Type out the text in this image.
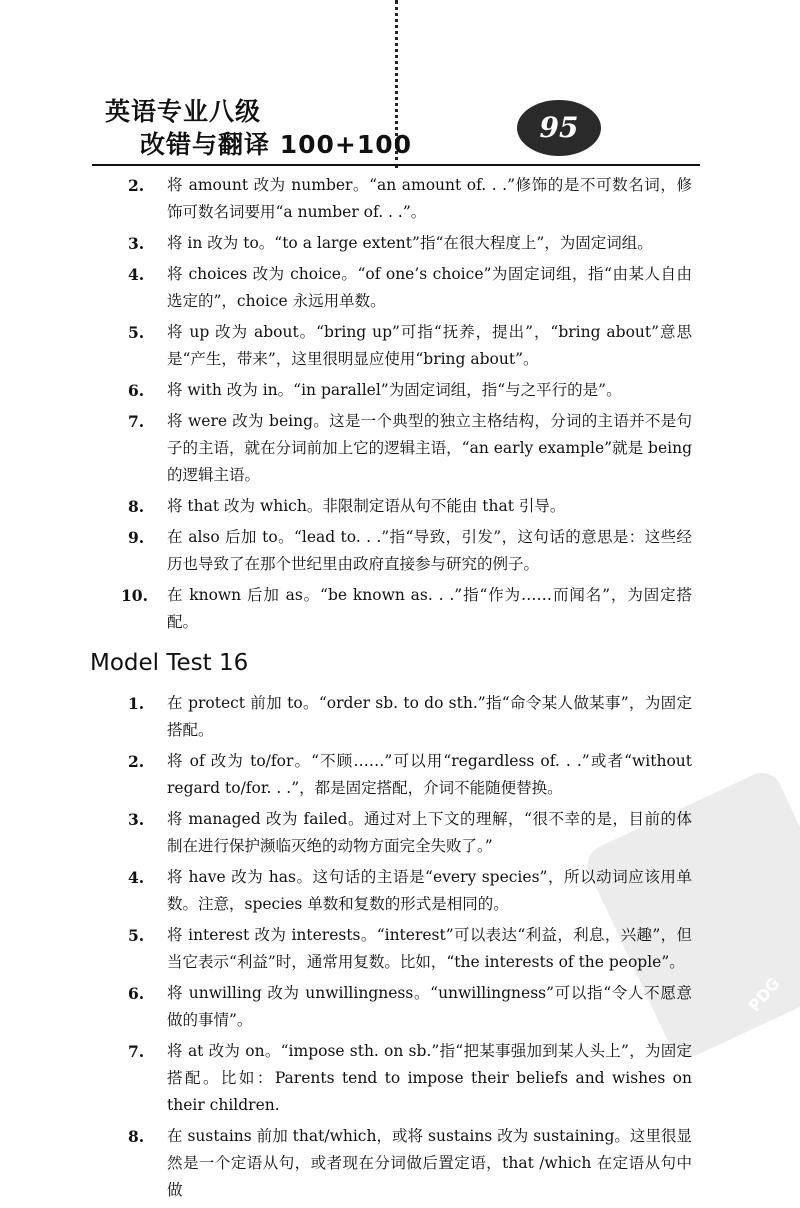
英语专业八级
改错与翻译 100+100
95
PDG
2. 将 amount 改为 number。“an amount of. . .”修饰的是不可数名词，修饰可数名词要用“a number of. . .”。
3. 将 in 改为 to。“to a large extent”指“在很大程度上”，为固定词组。
4. 将 choices 改为 choice。“of one’s choice”为固定词组，指“由某人自由选定的”，choice 永远用单数。
5. 将 up 改为 about。“bring up”可指“抚养，提出”，“bring about”意思是“产生，带来”，这里很明显应使用“bring about”。
6. 将 with 改为 in。“in parallel”为固定词组，指“与之平行的是”。
7. 将 were 改为 being。这是一个典型的独立主格结构，分词的主语并不是句子的主语，就在分词前加上它的逻辑主语，“an early example”就是 being 的逻辑主语。
8. 将 that 改为 which。非限制定语从句不能由 that 引导。
9. 在 also 后加 to。“lead to. . .”指“导致，引发”，这句话的意思是：这些经历也导致了在那个世纪里由政府直接参与研究的例子。
10. 在 known 后加 as。“be known as. . .”指“作为……而闻名”，为固定搭配。
Model Test 16
1. 在 protect 前加 to。“order sb. to do sth.”指“命令某人做某事”，为固定搭配。
2. 将 of 改为 to/for。“不顾……”可以用“regardless of. . .”或者“without regard to/for. . .”，都是固定搭配，介词不能随便替换。
3. 将 managed 改为 failed。通过对上下文的理解，“很不幸的是，目前的体制在进行保护濒临灭绝的动物方面完全失败了。”
4. 将 have 改为 has。这句话的主语是“every species”，所以动词应该用单数。注意，species 单数和复数的形式是相同的。
5. 将 interest 改为 interests。“interest”可以表达“利益，利息，兴趣”，但当它表示“利益”时，通常用复数。比如，“the interests of the people”。
6. 将 unwilling 改为 unwillingness。“unwillingness”可以指“令人不愿意做的事情”。
7. 将 at 改为 on。“impose sth. on sb.”指“把某事强加到某人头上”，为固定搭配。比如：Parents tend to impose their beliefs and wishes on their children.
8. 在 sustains 前加 that/which，或将 sustains 改为 sustaining。这里很显然是一个定语从句，或者现在分词做后置定语，that /which 在定语从句中做
